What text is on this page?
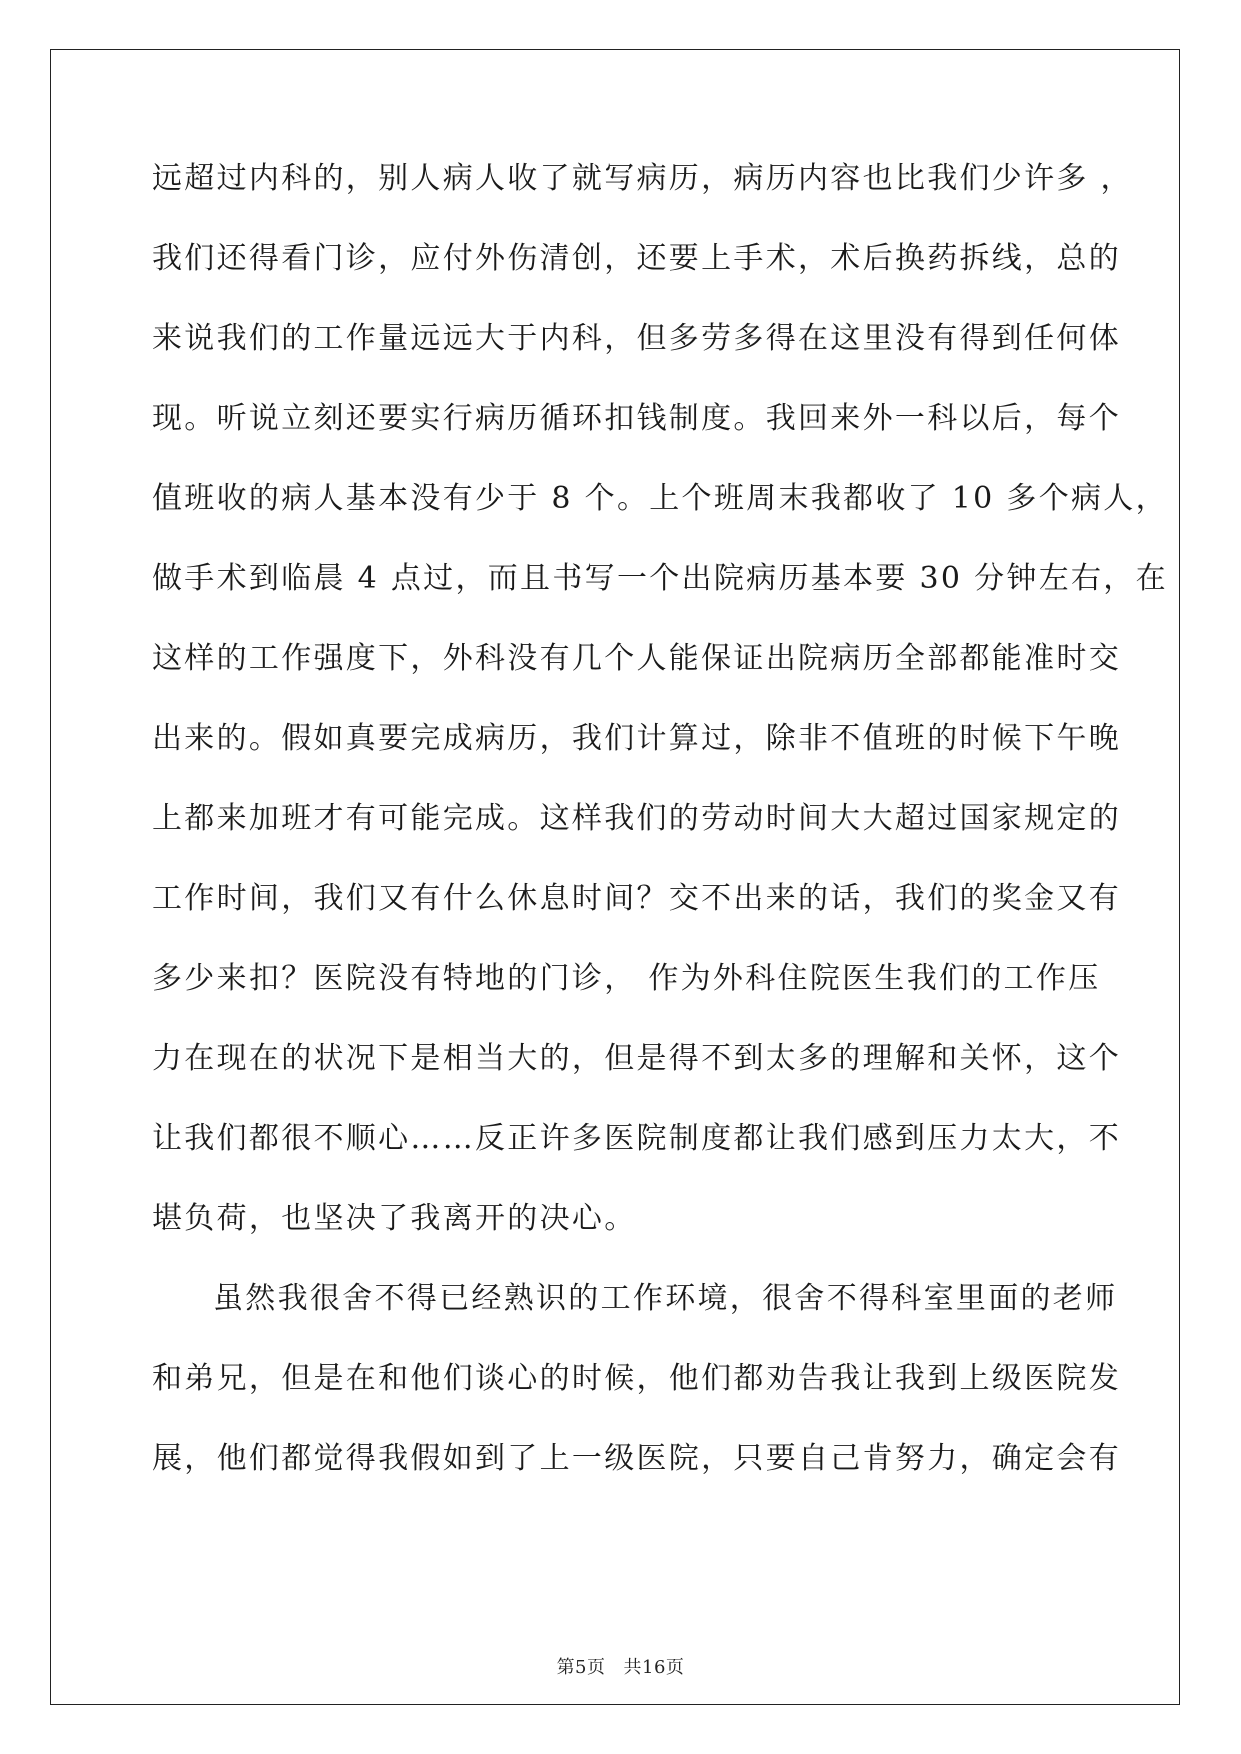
远超过内科的，别人病人收了就写病历，病历内容也比我们少许多 ，
我们还得看门诊，应付外伤清创，还要上手术，术后换药拆线，总的
来说我们的工作量远远大于内科，但多劳多得在这里没有得到任何体
现。听说立刻还要实行病历循环扣钱制度。我回来外一科以后，每个
值班收的病人基本没有少于 8 个。上个班周末我都收了 10 多个病人，
做手术到临晨 4 点过，而且书写一个出院病历基本要 30 分钟左右，在
这样的工作强度下，外科没有几个人能保证出院病历全部都能准时交
出来的。假如真要完成病历，我们计算过，除非不值班的时候下午晚
上都来加班才有可能完成。这样我们的劳动时间大大超过国家规定的
工作时间，我们又有什么休息时间？交不出来的话，我们的奖金又有
多少来扣？医院没有特地的门诊， 作为外科住院医生我们的工作压
力在现在的状况下是相当大的，但是得不到太多的理解和关怀，这个
让我们都很不顺心……反正许多医院制度都让我们感到压力太大，不
堪负荷，也坚决了我离开的决心。
虽然我很舍不得已经熟识的工作环境，很舍不得科室里面的老师
和弟兄，但是在和他们谈心的时候，他们都劝告我让我到上级医院发
展，他们都觉得我假如到了上一级医院，只要自己肯努力，确定会有
第5页 共16页
